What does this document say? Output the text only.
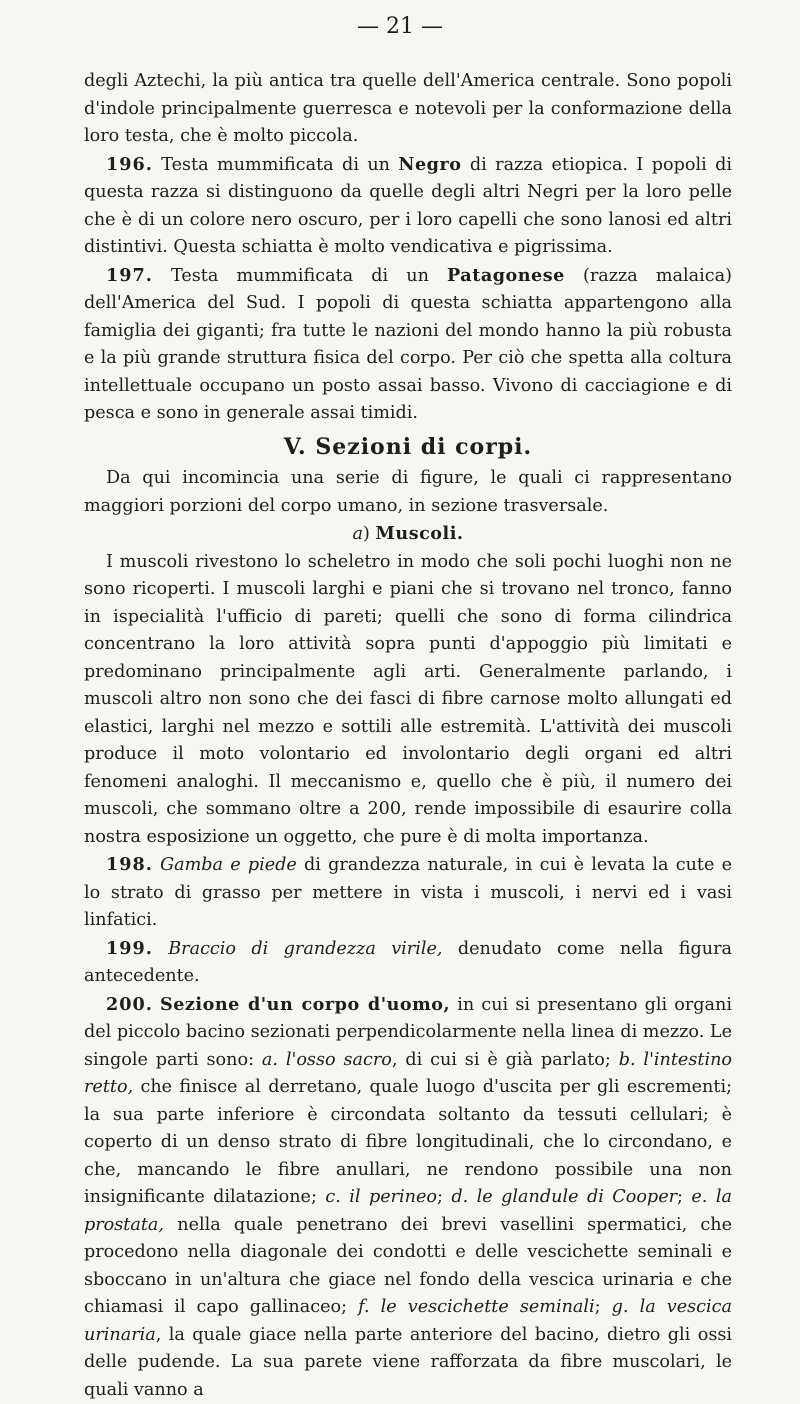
— 21 —

degli Aztechi, la più antica tra quelle dell'America centrale. Sono popoli d'indole principalmente guerresca e notevoli per la conformazione della loro testa, che è molto piccola.

196. Testa mummificata di un Negro di razza etiopica. I popoli di questa razza si distinguono da quelle degli altri Negri per la loro pelle che è di un colore nero oscuro, per i loro capelli che sono lanosi ed altri distintivi. Questa schiatta è molto vendicativa e pigrissima.

197. Testa mummificata di un Patagonese (razza malaica) dell'America del Sud. I popoli di questa schiatta appartengono alla famiglia dei giganti; fra tutte le nazioni del mondo hanno la più robusta e la più grande struttura fisica del corpo. Per ciò che spetta alla coltura intellettuale occupano un posto assai basso. Vivono di cacciagione e di pesca e sono in generale assai timidi.

V. Sezioni di corpi.

Da qui incomincia una serie di figure, le quali ci rappresentano maggiori porzioni del corpo umano, in sezione trasversale.

a) Muscoli.

I muscoli rivestono lo scheletro in modo che soli pochi luoghi non ne sono ricoperti. I muscoli larghi e piani che si trovano nel tronco, fanno in ispecialità l'ufficio di pareti; quelli che sono di forma cilindrica concentrano la loro attività sopra punti d'appoggio più limitati e predominano principalmente agli arti. Generalmente parlando, i muscoli altro non sono che dei fasci di fibre carnose molto allungati ed elastici, larghi nel mezzo e sottili alle estremità. L'attività dei muscoli produce il moto volontario ed involontario degli organi ed altri fenomeni analoghi. Il meccanismo e, quello che è più, il numero dei muscoli, che sommano oltre a 200, rende impossibile di esaurire colla nostra esposizione un oggetto, che pure è di molta importanza.

198. Gamba e piede di grandezza naturale, in cui è levata la cute e lo strato di grasso per mettere in vista i muscoli, i nervi ed i vasi linfatici.

199. Braccio di grandezza virile, denudato come nella figura antecedente.

200. Sezione d'un corpo d'uomo, in cui si presentano gli organi del piccolo bacino sezionati perpendicolarmente nella linea di mezzo. Le singole parti sono: a. l'osso sacro, di cui si è già parlato; b. l'intestino retto, che finisce al derretano, quale luogo d'uscita per gli escrementi; la sua parte inferiore è circondata soltanto da tessuti cellulari; è coperto di un denso strato di fibre longitudinali, che lo circondano, e che, mancando le fibre anullari, ne rendono possibile una non insignificante dilatazione; c. il perineo; d. le glandule di Cooper; e. la prostata, nella quale penetrano dei brevi vasellini spermatici, che procedono nella diagonale dei condotti e delle vescichette seminali e sboccano in un'altura che giace nel fondo della vescica urinaria e che chiamasi il capo gallinaceo; f. le vescichette seminali; g. la vescica urinaria, la quale giace nella parte anteriore del bacino, dietro gli ossi delle pudende. La sua parete viene rafforzata da fibre muscolari, le quali vanno a
